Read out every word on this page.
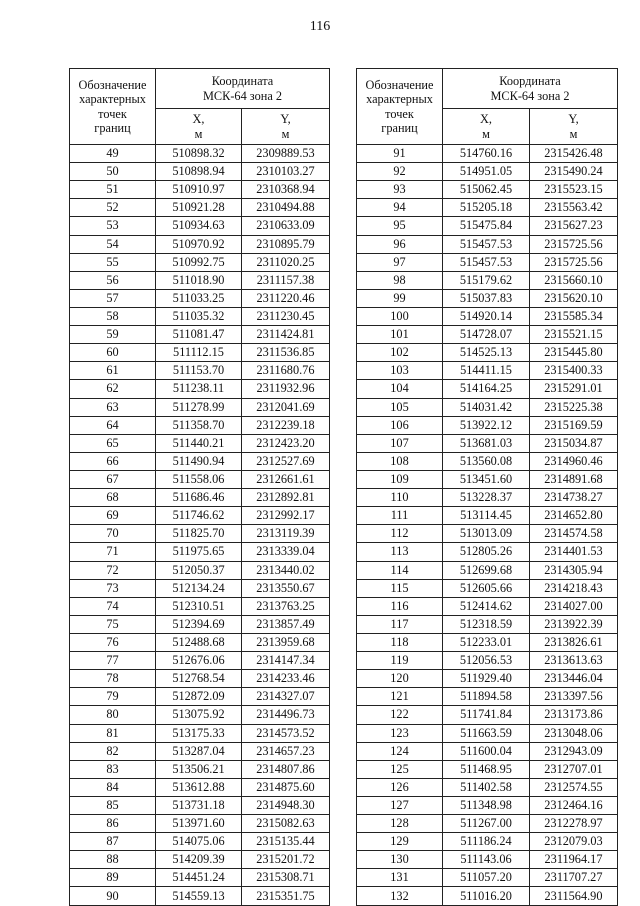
116
Обозначение
характерных
точек
границ	Координата
МСК-64 зона 2	
	X,
м	Y,
м
49	510898.32	2309889.53
50	510898.94	2310103.27
51	510910.97	2310368.94
52	510921.28	2310494.88
53	510934.63	2310633.09
54	510970.92	2310895.79
55	510992.75	2311020.25
56	511018.90	2311157.38
57	511033.25	2311220.46
58	511035.32	2311230.45
59	511081.47	2311424.81
60	511112.15	2311536.85
61	511153.70	2311680.76
62	511238.11	2311932.96
63	511278.99	2312041.69
64	511358.70	2312239.18
65	511440.21	2312423.20
66	511490.94	2312527.69
67	511558.06	2312661.61
68	511686.46	2312892.81
69	511746.62	2312992.17
70	511825.70	2313119.39
71	511975.65	2313339.04
72	512050.37	2313440.02
73	512134.24	2313550.67
74	512310.51	2313763.25
75	512394.69	2313857.49
76	512488.68	2313959.68
77	512676.06	2314147.34
78	512768.54	2314233.46
79	512872.09	2314327.07
80	513075.92	2314496.73
81	513175.33	2314573.52
82	513287.04	2314657.23
83	513506.21	2314807.86
84	513612.88	2314875.60
85	513731.18	2314948.30
86	513971.60	2315082.63
87	514075.06	2315135.44
88	514209.39	2315201.72
89	514451.24	2315308.71
90	514559.13	2315351.75
Обозначение
характерных
точек
границ	Координата
МСК-64 зона 2	
	X,
м	Y,
м
91	514760.16	2315426.48
92	514951.05	2315490.24
93	515062.45	2315523.15
94	515205.18	2315563.42
95	515475.84	2315627.23
96	515457.53	2315725.56
97	515457.53	2315725.56
98	515179.62	2315660.10
99	515037.83	2315620.10
100	514920.14	2315585.34
101	514728.07	2315521.15
102	514525.13	2315445.80
103	514411.15	2315400.33
104	514164.25	2315291.01
105	514031.42	2315225.38
106	513922.12	2315169.59
107	513681.03	2315034.87
108	513560.08	2314960.46
109	513451.60	2314891.68
110	513228.37	2314738.27
111	513114.45	2314652.80
112	513013.09	2314574.58
113	512805.26	2314401.53
114	512699.68	2314305.94
115	512605.66	2314218.43
116	512414.62	2314027.00
117	512318.59	2313922.39
118	512233.01	2313826.61
119	512056.53	2313613.63
120	511929.40	2313446.04
121	511894.58	2313397.56
122	511741.84	2313173.86
123	511663.59	2313048.06
124	511600.04	2312943.09
125	511468.95	2312707.01
126	511402.58	2312574.55
127	511348.98	2312464.16
128	511267.00	2312278.97
129	511186.24	2312079.03
130	511143.06	2311964.17
131	511057.20	2311707.27
132	511016.20	2311564.90
